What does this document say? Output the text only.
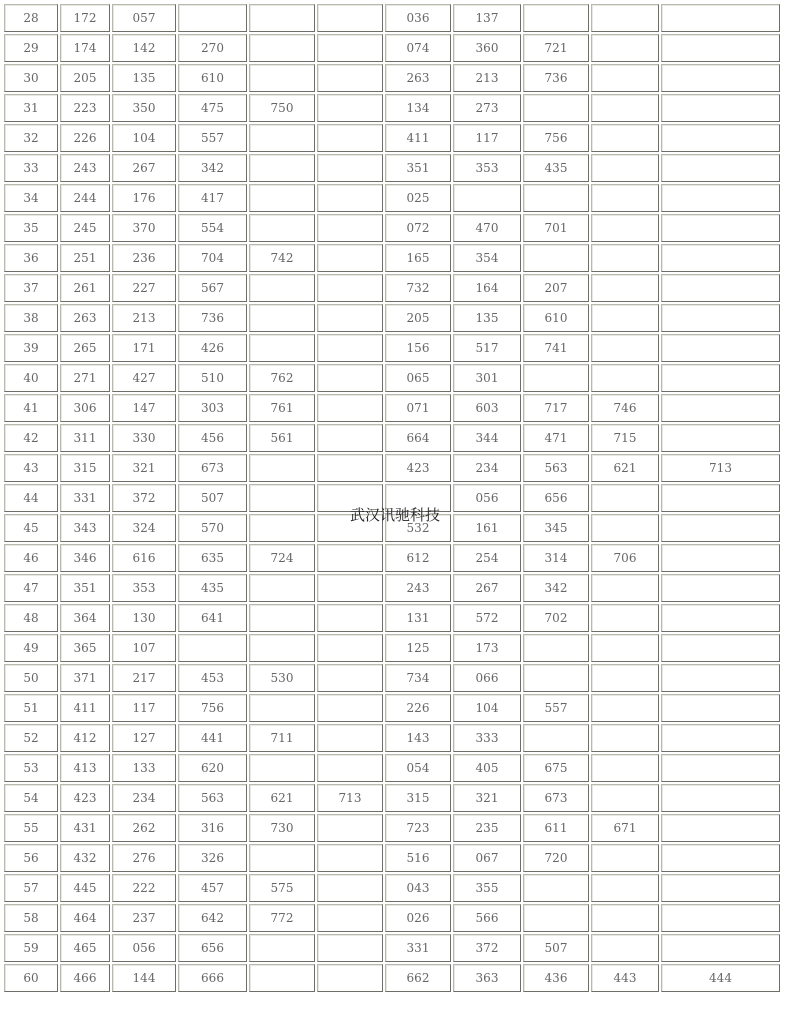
28	172	057				036	137			
29	174	142	270			074	360	721		
30	205	135	610			263	213	736		
31	223	350	475	750		134	273			
32	226	104	557			411	117	756		
33	243	267	342			351	353	435		
34	244	176	417			025				
35	245	370	554			072	470	701		
36	251	236	704	742		165	354			
37	261	227	567			732	164	207		
38	263	213	736			205	135	610		
39	265	171	426			156	517	741		
40	271	427	510	762		065	301			
41	306	147	303	761		071	603	717	746	
42	311	330	456	561		664	344	471	715	
43	315	321	673			423	234	563	621	713
44	331	372	507				056	656		
45	343	324	570			532	161	345		
46	346	616	635	724		612	254	314	706	
47	351	353	435			243	267	342		
48	364	130	641			131	572	702		
49	365	107				125	173			
50	371	217	453	530		734	066			
51	411	117	756			226	104	557		
52	412	127	441	711		143	333			
53	413	133	620			054	405	675		
54	423	234	563	621	713	315	321	673		
55	431	262	316	730		723	235	611	671	
56	432	276	326			516	067	720		
57	445	222	457	575		043	355			
58	464	237	642	772		026	566			
59	465	056	656			331	372	507		
60	466	144	666			662	363	436	443	444
武汉讯驰科技
